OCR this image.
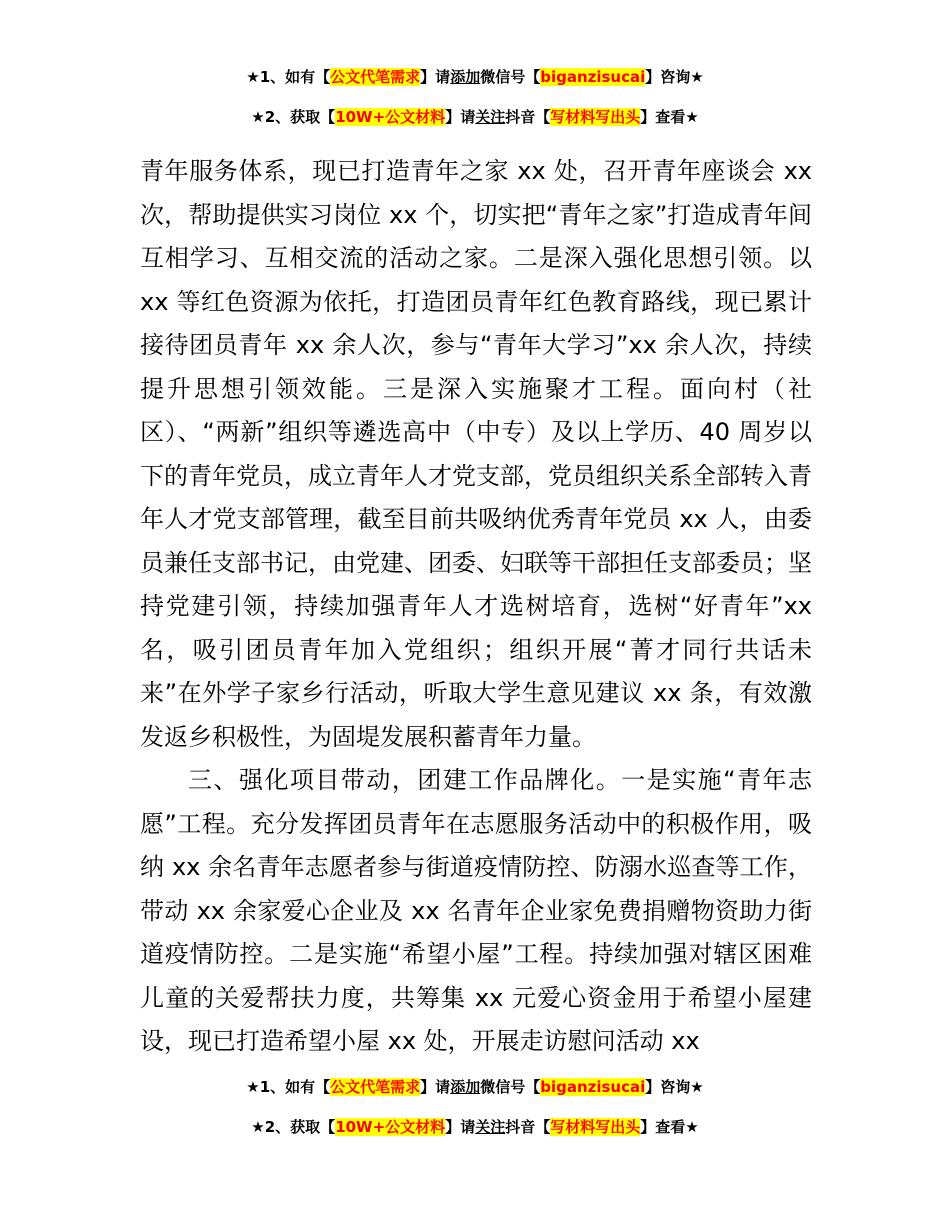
★1、如有【公文代笔需求】请添加微信号【biganzisucai】咨询★
★2、获取【10W+公文材料】请关注抖音【写材料写出头】查看★

青年服务体系，现已打造青年之家 xx 处，召开青年座谈会 xx 次，帮助提供实习岗位 xx 个，切实把“青年之家”打造成青年间互相学习、互相交流的活动之家。二是深入强化思想引领。以 xx 等红色资源为依托，打造团员青年红色教育路线，现已累计接待团员青年 xx 余人次，参与“青年大学习”xx 余人次，持续提升思想引领效能。三是深入实施聚才工程。面向村（社区）、“两新”组织等遴选高中（中专）及以上学历、40 周岁以下的青年党员，成立青年人才党支部，党员组织关系全部转入青年人才党支部管理，截至目前共吸纳优秀青年党员 xx 人，由委员兼任支部书记，由党建、团委、妇联等干部担任支部委员；坚持党建引领，持续加强青年人才选树培育，选树“好青年”xx 名，吸引团员青年加入党组织；组织开展“菁才同行共话未来”在外学子家乡行活动，听取大学生意见建议 xx 条，有效激发返乡积极性，为固堤发展积蓄青年力量。

三、强化项目带动，团建工作品牌化。一是实施“青年志愿”工程。充分发挥团员青年在志愿服务活动中的积极作用，吸纳 xx 余名青年志愿者参与街道疫情防控、防溺水巡查等工作，带动 xx 余家爱心企业及 xx 名青年企业家免费捐赠物资助力街道疫情防控。二是实施“希望小屋”工程。持续加强对辖区困难儿童的关爱帮扶力度，共筹集 xx 元爱心资金用于希望小屋建设，现已打造希望小屋 xx 处，开展走访慰问活动 xx

★1、如有【公文代笔需求】请添加微信号【biganzisucai】咨询★
★2、获取【10W+公文材料】请关注抖音【写材料写出头】查看★
